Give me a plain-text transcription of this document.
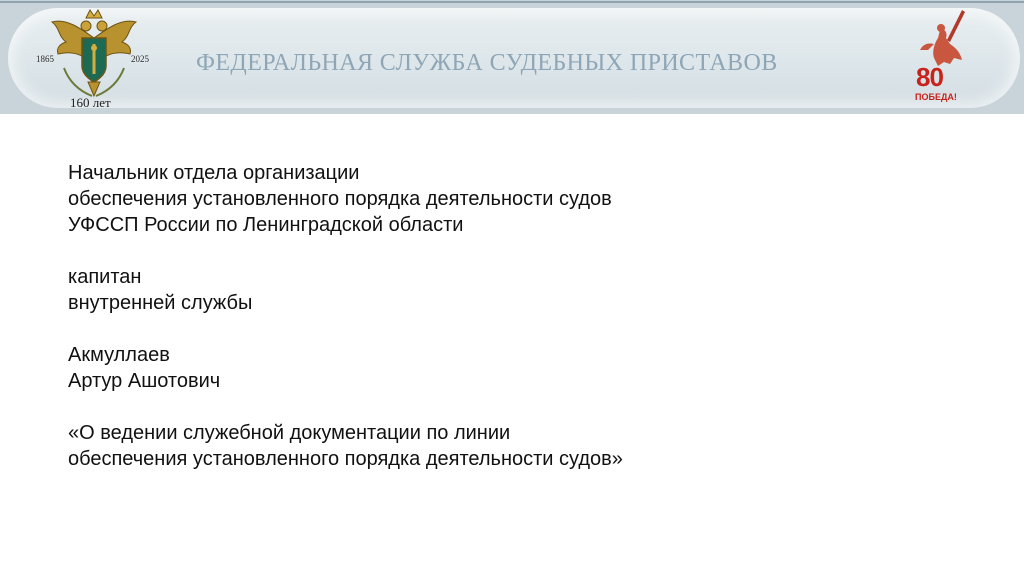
1865	2025
160 лет
ФЕДЕРАЛЬНАЯ СЛУЖБА СУДЕБНЫХ ПРИСТАВОВ	80
ПОБЕДА!
Начальник отдела организации
обеспечения установленного порядка деятельности судов
УФССП России по Ленинградской области
капитан
внутренней службы
Акмуллаев
Артур Ашотович
«О ведении служебной документации по линии
обеспечения установленного порядка деятельности судов»
